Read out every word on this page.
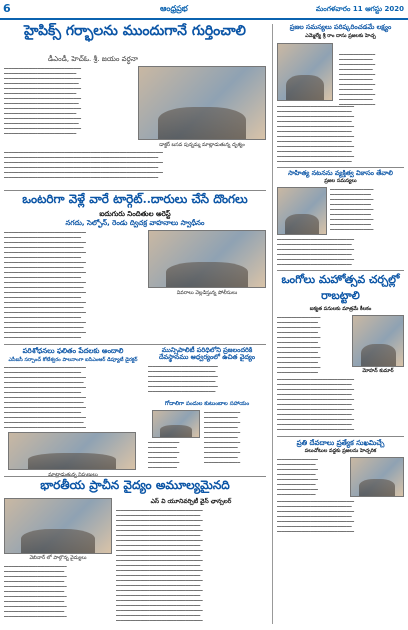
6	ఆంధ్రప్రభ	మంగళవారం 11 ఆగస్టు 2020
హైపిక్స్ గర్భాలను ముందుగానే గుర్తించాలి
డీఎండీ, హెచ్ఓ. శ్రీ. జయం వర్ధనా
━━━━━━━━━━━━━━━━━━━━━━━━━━━━━━━━
━━━━━━━━━━━━━━━━━━━━━━━━━━━━━━
━━━━━━━━━━━━━━━━━━━━━━━━━━━━━━━━
━━━━━━━━━━━━━━━━━━━━━━━━━━━━━━━
━━━━━━━━━━━━━━━━━━━━━━━━━━━━━━━━
━━━━━━━━━━━━━━━━━━━━━━━━━━━━━━
━━━━━━━━━━━━━━━━━━━━━━━━━━━━━━━━
━━━━━━━━━━━━━━━━━━━━━━━━━━━━━━━
━━━━━━━━━━━━━━━━━━━━━━━━━━━━━━━━
━━━━━━━━━━━━━━━━━━━━━━━━━━━━━━
━━━━━━━━━━━━━━━━━━━━━━━━━━━━━━━━
━━━━━━━━━━━━━━━━━━━━━━━━━━━━━━━
━━━━━━━━━━━━━━━━━━━━━━━━━━━━━━━━
━━━━━━━━━━━━━━━━━━━━━━━━━━━━━━
డాక్టర్ బసవ పున్నమ్మ మాట్లాడుతున్న దృశ్యం
━━━━━━━━━━━━━━━━━━━━━━━━━━━━━━━━━━━━━━━━━━━━━━━━━━━━━━━━━━━━━━━━━━
━━━━━━━━━━━━━━━━━━━━━━━━━━━━━━━━━━━━━━━━━━━━━━━━━━━━━━━━━━━━━━━━
━━━━━━━━━━━━━━━━━━━━━━━━━━━━━━━━━━━━━━━━━━━━━━━━━━━━━━━━━━━━━━━━━━
━━━━━━━━━━━━━━━━━━━━━━━━━━━━━━━━━━━━━━━━━━━━━━━━━━━━━━━━━━━━━━━━
━━━━━━━━━━━━━━━━━━━━━━━━━━━━━━━━━━━━━━━━━━━━━━━━━━━━━━━━━━━━━━━━━━
━━━━━━━━━━━━━━━━━━━━━━━━━━━━━━━━━━━━━━━━━━━━━━━━━━━━━━━━━━━━━━━━
ఒంటరిగా వెళ్లే వారే టార్గెట్..దారులు చేసే దొంగలు
ఐదుగురు నిందితుల అరెస్ట్
నగదు, సెల్ఫోన్, రెండు ద్విచక్ర వాహనాలు స్వాధీనం
━━━━━━━━━━━━━━━━━━━━━━━━━━━━━━━━━━
━━━━━━━━━━━━━━━━━━━━━━━━━━━━━━━━
━━━━━━━━━━━━━━━━━━━━━━━━━━━━━━━━━━
━━━━━━━━━━━━━━━━━━━━━━━━━━━━━━━━━
━━━━━━━━━━━━━━━━━━━━━━━━━━━━━━━━━━
━━━━━━━━━━━━━━━━━━━━━━━━━━━━━━━━
━━━━━━━━━━━━━━━━━━━━━━━━━━━━━━━━━━
━━━━━━━━━━━━━━━━━━━━━━━━━━━━━━━━━
━━━━━━━━━━━━━━━━━━━━━━━━━━━━━━━━━━
━━━━━━━━━━━━━━━━━━━━━━━━━━━━━━━━
━━━━━━━━━━━━━━━━━━━━━━━━━━━━━━━━━━
━━━━━━━━━━━━━━━━━━━━━━━━━━━━━━━━━
━━━━━━━━━━━━━━━━━━━━━━━━━━━━━━━━━━
━━━━━━━━━━━━━━━━━━━━━━━━━━━━━━━━
━━━━━━━━━━━━━━━━━━━━━━━━━━━━━━━━━━
━━━━━━━━━━━━━━━━━━━━━━━━━━━━━━━━━
━━━━━━━━━━━━━━━━━━━━━━━━━━━━━━━━━━
━━━━━━━━━━━━━━━━━━━━━━━━━━━━━━━━
━━━━━━━━━━━━━━━━━━━━━━━━━━━━━━━━━━
━━━━━━━━━━━━━━━━━━━━━━━━━━━━━━━━━
━━━━━━━━━━━━━━━━━━━━━━━━━━━━━━━━━━
━━━━━━━━━━━━━━━━━━━━━━━━━━━━━━━━
వివరాలు వెల్లడిస్తున్న పోలీసులు
పరిశోధనలు ఫలితం పేదలకు అందాలి
ఎసీఐసీ సర్పాంచ్ కోటేశ్వరం పాలనాంగా ఐసిఎంఆర్ డిప్యూటీ డైరక్టర్
━━━━━━━━━━━━━━━━━━━━━━━━━━━━━━━━━━
━━━━━━━━━━━━━━━━━━━━━━━━━━━━━━━━
━━━━━━━━━━━━━━━━━━━━━━━━━━━━━━━━━━
━━━━━━━━━━━━━━━━━━━━━━━━━━━━━━━━━
━━━━━━━━━━━━━━━━━━━━━━━━━━━━━━━━━━
━━━━━━━━━━━━━━━━━━━━━━━━━━━━━━━━
━━━━━━━━━━━━━━━━━━━━━━━━━━━━━━━━━━
━━━━━━━━━━━━━━━━━━━━━━━━━━━━━━━━━
━━━━━━━━━━━━━━━━━━━━━━━━━━━━━━━━━━
━━━━━━━━━━━━━━━━━━━━━━━━━━━━━━━━
━━━━━━━━━━━━━━━━━━━━━━━━━━━━━━━━━━
━━━━━━━━━━━━━━━━━━━━━━━━━━━━━━━━━
━━━━━━━━━━━━━━━━━━━━━━━━━━━━━━━━━━
మాట్లాడుతున్న నిపుణులు
మున్సిపాలిటీ పరిధిలోని ప్రజలందరికి దేవస్థానము ఆధ్వర్యంలో ఉచిత వైద్యం
━━━━━━━━━━━━━━━━━━━━━━━━━━━━━
━━━━━━━━━━━━━━━━━━━━━━━━━━━━
━━━━━━━━━━━━━━━━━━━━━━━━━━━━━
━━━━━━━━━━━━━━━━━━━━━━━━━━━━
━━━━━━━━━━━━━━━━━━━━━━━━━━━━━
━━━━━━━━━━━━━━━━━━━━━━━━━━━━
గోదాలిగా పందుల కుటుంబాల సహాయం
━━━━━━━━━━━━━━━
━━━━━━━━━━━━━━
━━━━━━━━━━━━━━━
━━━━━━━━━━━━━━
━━━━━━━━━━━━━━━
━━━━━━━━━━━━━━
━━━━━━━━━━━━━━━
━━━━━━━━━━━━━━
━━━━━━━━━━━━━━━
━━━━━━━━━━━━━━
━━━━━━━━━━━━━━━
━━━━━━━━━━━━━
━━━━━━━━━━━━
━━━━━━━━━━━━━
━━━━━━━━━━━━
━━━━━━━━━━━━━
━━━━━━━━━━━━
భారతీయ ప్రాచీన వైద్యం అమూల్యమైనది
వెబినార్ లో పాల్గొన్న వైద్యులు
ఎస్ వి యూనివర్సిటీ వైస్ ఛాన్సలర్
━━━━━━━━━━━━━━━━━━━━━━━━━━━━━━━━━━━━
━━━━━━━━━━━━━━━━━━━━━━━━━━━━━━━━━━━
━━━━━━━━━━━━━━━━━━━━━━━━━━━━━━━━━━━━
━━━━━━━━━━━━━━━━━━━━━━━━━━━━━━━━━━━
━━━━━━━━━━━━━━━━━━━━━━━━━━━━━━━━━━━━
━━━━━━━━━━━━━━━━━━━━━━━━━━━━━━━━━━━
━━━━━━━━━━━━━━━━━━━━━━━━━━━━━━━━━━━━
━━━━━━━━━━━━━━━━━━━━━━━━━━━━━━━━━━━
━━━━━━━━━━━━━━━━━━━━━━━━━━━━━━━━━━━━
━━━━━━━━━━━━━━━━━━━━━━━━━━━━━━━━━━━
━━━━━━━━━━━━━━━━━━━━━━━━━━━━━━━━━━━━
━━━━━━━━━━━━━━━━━━━━━━━━━━━━━━━━━━━
━━━━━━━━━━━━━━━━━━━━━━━━━━━━━━━━━━━━
━━━━━━━━━━━━━━━━━━━━━━━━━━━━━━━━━━━
━━━━━━━━━━━━━━━━━━━━━━━━━━━━━━━━━━━━
━━━━━━━━━━━━━━━━━━━━━━━━━━━━━━━━━━━
━━━━━━━━━━━━━━━━━━━━━━━━━━━━━━━━━━━━
━━━━━━━━━━━━━━━━━━━━━━━━━━━━━━━━━━━
━━━━━━━━━━━━━━━━━━━━━━━━━━━━━━━━━━━━
━━━━━━━━━━━━━━━━━━━━━━━━━━━━━━━━━━━
━━━━━━━━━━━━━━━━━━━━━━━━━━━━━━━━━━━━
━━━━━━━━━━━━━━━━━━━━━━━━━━━━━━━━━━━
━━━━━━━━━━━━━━━━━━━━━━━━━━━━━━━━━━━━
━━━━━━━━━━━━━━━━━━━━━━━━━━
━━━━━━━━━━━━━━━━━━━━━━━━━
━━━━━━━━━━━━━━━━━━━━━━━━━━
━━━━━━━━━━━━━━━━━━━━━━━━━
━━━━━━━━━━━━━━━━━━━━━━━━━━
━━━━━━━━━━━━━━━━━━━━━━━━━
━━━━━━━━━━━━━━━━━━━━━━━━━━
━━━━━━━━━━━━━━━━━━━━━━━━━
━━━━━━━━━━━━━━━━━━━━━━━━━━
━━━━━━━━━━━━━━━━━━━━━━━━━
━━━━━━━━━━━━━━━━━━━━━━━━━━
ప్రజల సమస్యలు పరిష్కరించడమే లక్ష్యం
ఎమ్మెల్యే శ్రీ రాం దాసు ప్రజలకు హెచ్చ
━━━━━━━━━━━━━━━
━━━━━━━━━━━━━━
━━━━━━━━━━━━━━━
━━━━━━━━━━━━━━
━━━━━━━━━━━━━━━
━━━━━━━━━━━━━━
━━━━━━━━━━━━━━━
━━━━━━━━━━━━━━
━━━━━━━━━━━━━━━
━━━━━━━━━━━━━━
━━━━━━━━━━━━━━━
━━━━━━━━━━━━━━━━━━━━━━━━━━━━━━━━
━━━━━━━━━━━━━━━━━━━━━━━━━━━━━━━
━━━━━━━━━━━━━━━━━━━━━━━━━━━━━━━━
━━━━━━━━━━━━━━━━━━━━━━━━━━━━━━━
━━━━━━━━━━━━━━━━━━━━━━━━━━━━━━━━
━━━━━━━━━━━━━━━━━━━━━━━━━━━━━━━
━━━━━━━━━━━━━━━━━━━━━━━━━━━━━━━━
━━━━━━━━━━━━━━━━━━━━━━━━━━━━━━━
━━━━━━━━━━━━━━━━━━━━━━━━━━━━━━━━
━━━━━━━━━━━━━━━━━━━━━━━━━━━━━━━
━━━━━━━━━━━━━━━━━━━━━━━━━━━━━━━━
━━━━━━━━━━━━━━━━━━━━━━━━━━━━━━━
సాహిత్య నటనను వ్యక్తిత్వ వికాసం తేవాలి
ప్రజల సమస్యలు
━━━━━━━━━━━━━━━━━━
━━━━━━━━━━━━━━━━━
━━━━━━━━━━━━━━━━━━
━━━━━━━━━━━━━━━━━
━━━━━━━━━━━━━━━━━━
━━━━━━━━━━━━━━━━━
━━━━━━━━━━━━━━━━━━
━━━━━━━━━━━━━━━━━
━━━━━━━━━━━━━━━━━━
━━━━━━━━━━━━━━━━━━━━━━━━━━━━━━━━
━━━━━━━━━━━━━━━━━━━━━━━━━━━━━━━
━━━━━━━━━━━━━━━━━━━━━━━━━━━━━━━━
━━━━━━━━━━━━━━━━━━━━━━━━━━━━━━━
━━━━━━━━━━━━━━━━━━━━━━━━━━━━━━━━
━━━━━━━━━━━━━━━━━━━━━━━━━━━━━━━
ఒంగోలు మహోత్సవ చర్చల్లో రాబట్టాలి
ఐక్యత పనులకు మాత్రమే కీలకం
━━━━━━━━━━━━━━━━━━
━━━━━━━━━━━━━━━━━
━━━━━━━━━━━━━━━━━━
━━━━━━━━━━━━━━━━━
━━━━━━━━━━━━━━━━━━
━━━━━━━━━━━━━━━━━
━━━━━━━━━━━━━━━━━━
━━━━━━━━━━━━━━━━━
━━━━━━━━━━━━━━━━━━
━━━━━━━━━━━━━━━━━
━━━━━━━━━━━━━━━━━━
━━━━━━━━━━━━━━━━━	మోహన్ కుమార్
━━━━━━━━━━━━━━━━━━━━━━━━━━━━━━━━
━━━━━━━━━━━━━━━━━━━━━━━━━━━━━━━
━━━━━━━━━━━━━━━━━━━━━━━━━━━━━━━━
━━━━━━━━━━━━━━━━━━━━━━━━━━━━━━━
━━━━━━━━━━━━━━━━━━━━━━━━━━━━━━━━
━━━━━━━━━━━━━━━━━━━━━━━━━━━━━━━
━━━━━━━━━━━━━━━━━━━━━━━━━━━━━━━━
━━━━━━━━━━━━━━━━━━━━━━━━━━━━━━━
━━━━━━━━━━━━━━━━━━━━━━━━━━━━━━━━
━━━━━━━━━━━━━━━━━━━━━━━━━━━━━━━
━━━━━━━━━━━━━━━━━━━━━━━━━━━━━━━━
ప్రతి దేవదాలు ప్రత్యేక సుఖమిచ్చే
పలుచోటుల వద్దకు ప్రజలను హెచ్చరిక
━━━━━━━━━━━━━━━━━
━━━━━━━━━━━━━━━━
━━━━━━━━━━━━━━━━━
━━━━━━━━━━━━━━━━
━━━━━━━━━━━━━━━━━
━━━━━━━━━━━━━━━━
━━━━━━━━━━━━━━━━━
━━━━━━━━━━━━━━━━
━━━━━━━━━━━━━━━━━━━━━━━━━━━━━━━━
━━━━━━━━━━━━━━━━━━━━━━━━━━━━━━━
━━━━━━━━━━━━━━━━━━━━━━━━━━━━━━━━
━━━━━━━━━━━━━━━━━━━━━━━━━━━━━━━
━━━━━━━━━━━━━━━━━━━━━━━━━━━━━━━━
━━━━━━━━━━━━━━━━━━━━━━━━━━━━━━━
━━━━━━━━━━━━━━━━━━━━━━━━━━━━━━━━
